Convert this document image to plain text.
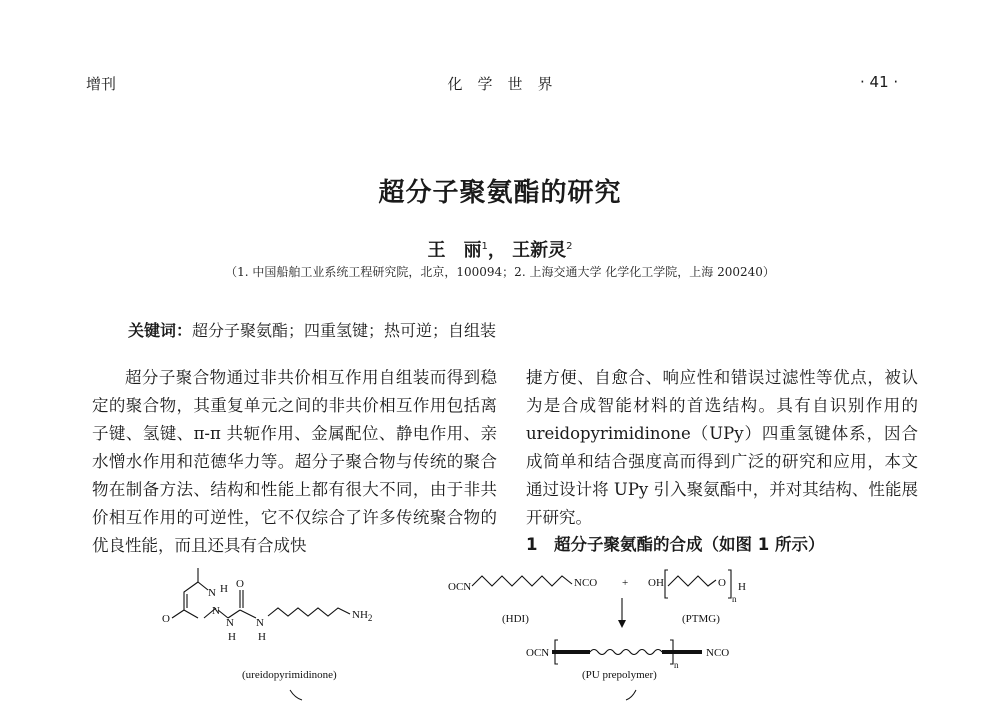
增刊	化　学　世　界	· 41 ·
超分子聚氨酯的研究
王　丽$^1$， 王新灵$^2$
（1. 中国船舶工业系统工程研究院，北京，100094；2. 上海交通大学 化学化工学院，上海 200240）
关键词：超分子聚氨酯；四重氢键；热可逆；自组装

超分子聚合物通过非共价相互作用自组装而得到稳定的聚合物，其重复单元之间的非共价相互作用包括离子键、氢键、π-π 共轭作用、金属配位、静电作用、亲水憎水作用和范德华力等。超分子聚合物与传统的聚合物在制备方法、结构和性能上都有很大不同，由于非共价相互作用的可逆性，它不仅综合了许多传统聚合物的优良性能，而且还具有合成快

捷方便、自愈合、响应性和错误过滤性等优点，被认为是合成智能材料的首选结构。具有自识别作用的 ureidopyrimidinone（UPy）四重氢键体系，因合成简单和结合强度高而得到广泛的研究和应用，本文通过设计将 UPy 引入聚氨酯中，并对其结构、性能展开研究。

1　超分子聚氨酯的合成（如图 1 所示）
O
N H
N
N
H
O
N
H
$NH_2$
(ureidopyrimidinone)
OCN	NCO
(HDI)
+ OH	O
n
H
(PTMG)
OCN
n
NCO
(PU prepolymer)
